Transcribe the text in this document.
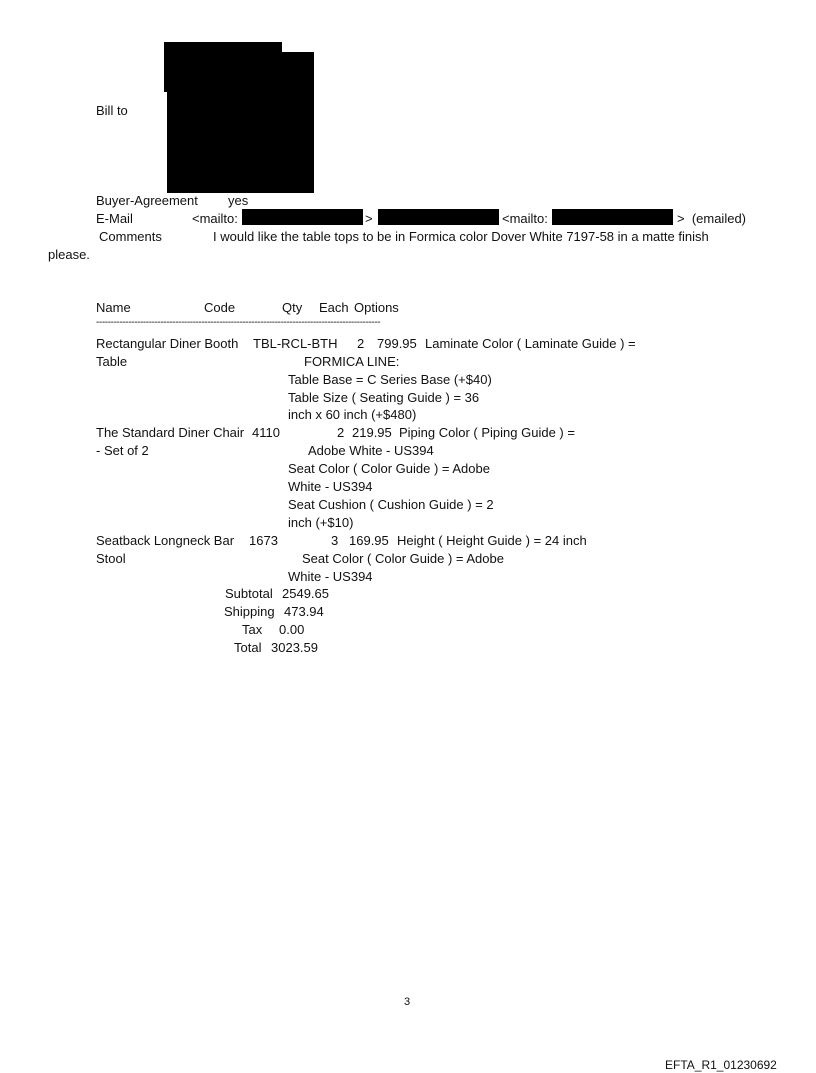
Bill to
Buyer-Agreement yes
E-Mail	<mailto:	>	<mailto:	>  (emailed)
Comments	I would like the table tops to be in Formica color Dover White 7197-58 in a matte finish
please.
Name	Code	Qty Each Options
-------------------------------------------------------------------------------------------------
Rectangular Diner Booth
Table
TBL-RCL-BTH 2 799.95 Laminate Color ( Laminate Guide ) =
FORMICA LINE:
Table Base = C Series Base (+$40)
Table Size ( Seating Guide ) = 36
inch x 60 inch (+$480)
The Standard Diner Chair
- Set of 2
4110	2 219.95 Piping Color ( Piping Guide ) =
Adobe White - US394
Seat Color ( Color Guide ) = Adobe
White - US394
Seat Cushion ( Cushion Guide ) = 2
inch (+$10)
Seatback Longneck Bar
Stool
1673	3 169.95 Height ( Height Guide ) = 24 inch
Seat Color ( Color Guide ) = Adobe
White - US394
Subtotal 2549.65
Shipping 473.94
Tax 0.00
Total 3023.59
3
EFTA_R1_01230692
